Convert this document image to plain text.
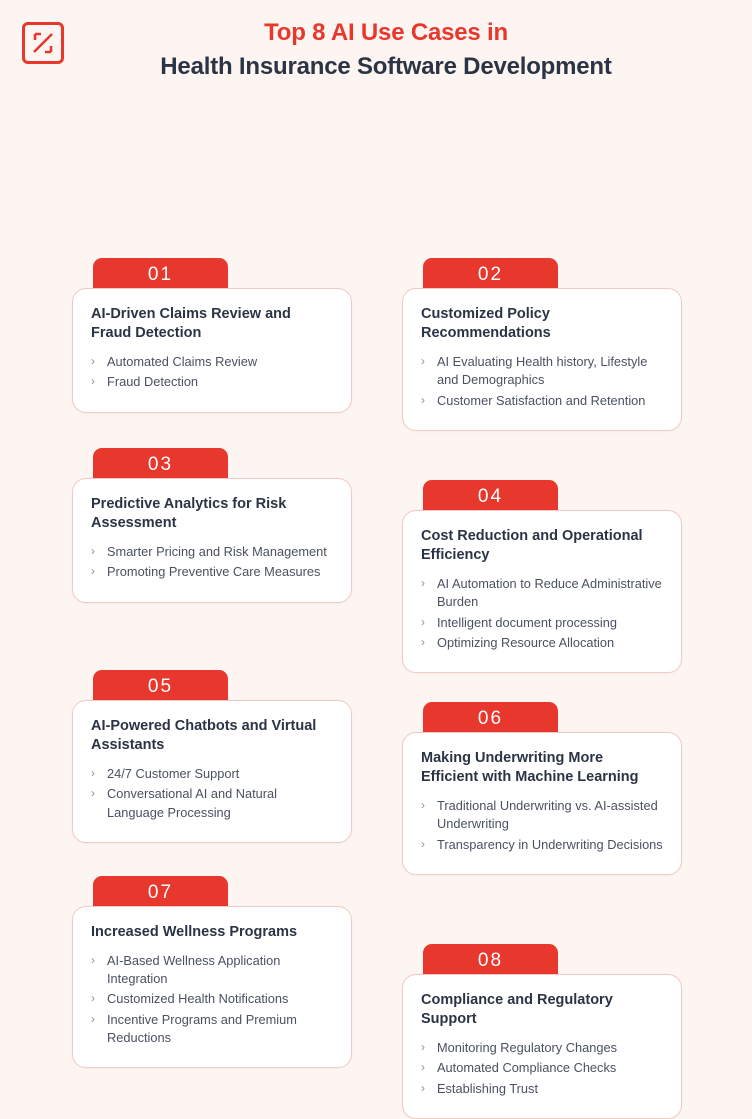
Top 8 AI Use Cases in
Health Insurance Software Development
01
AI-Driven Claims Review and Fraud Detection
› Automated Claims Review
› Fraud Detection
02
Customized Policy Recommendations
› AI Evaluating Health history, Lifestyle and Demographics
› Customer Satisfaction and Retention
03
Predictive Analytics for Risk Assessment
› Smarter Pricing and Risk Management
› Promoting Preventive Care Measures
04
Cost Reduction and Operational Efficiency
› AI Automation to Reduce Administrative Burden
› Intelligent document processing
› Optimizing Resource Allocation
05
AI-Powered Chatbots and Virtual Assistants
› 24/7 Customer Support
› Conversational AI and Natural Language Processing
06
Making Underwriting More Efficient with Machine Learning
› Traditional Underwriting vs. AI-assisted Underwriting
› Transparency in Underwriting Decisions
07
Increased Wellness Programs
› AI-Based Wellness Application Integration
› Customized Health Notifications
› Incentive Programs and Premium Reductions
08
Compliance and Regulatory Support
› Monitoring Regulatory Changes
› Automated Compliance Checks
› Establishing Trust
